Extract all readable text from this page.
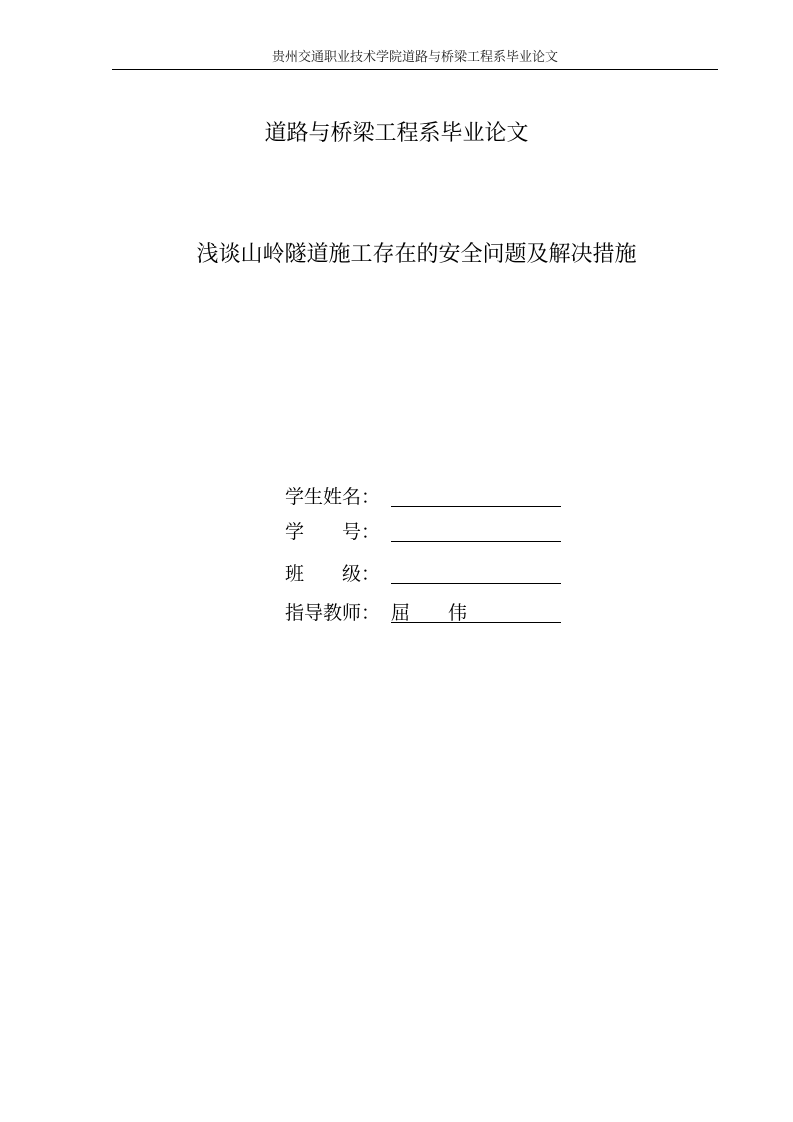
贵州交通职业技术学院道路与桥梁工程系毕业论文
道路与桥梁工程系毕业论文
浅谈山岭隧道施工存在的安全问题及解决措施
学生姓名：
学　　号：
班　　级：
指导教师： 屈　　伟
